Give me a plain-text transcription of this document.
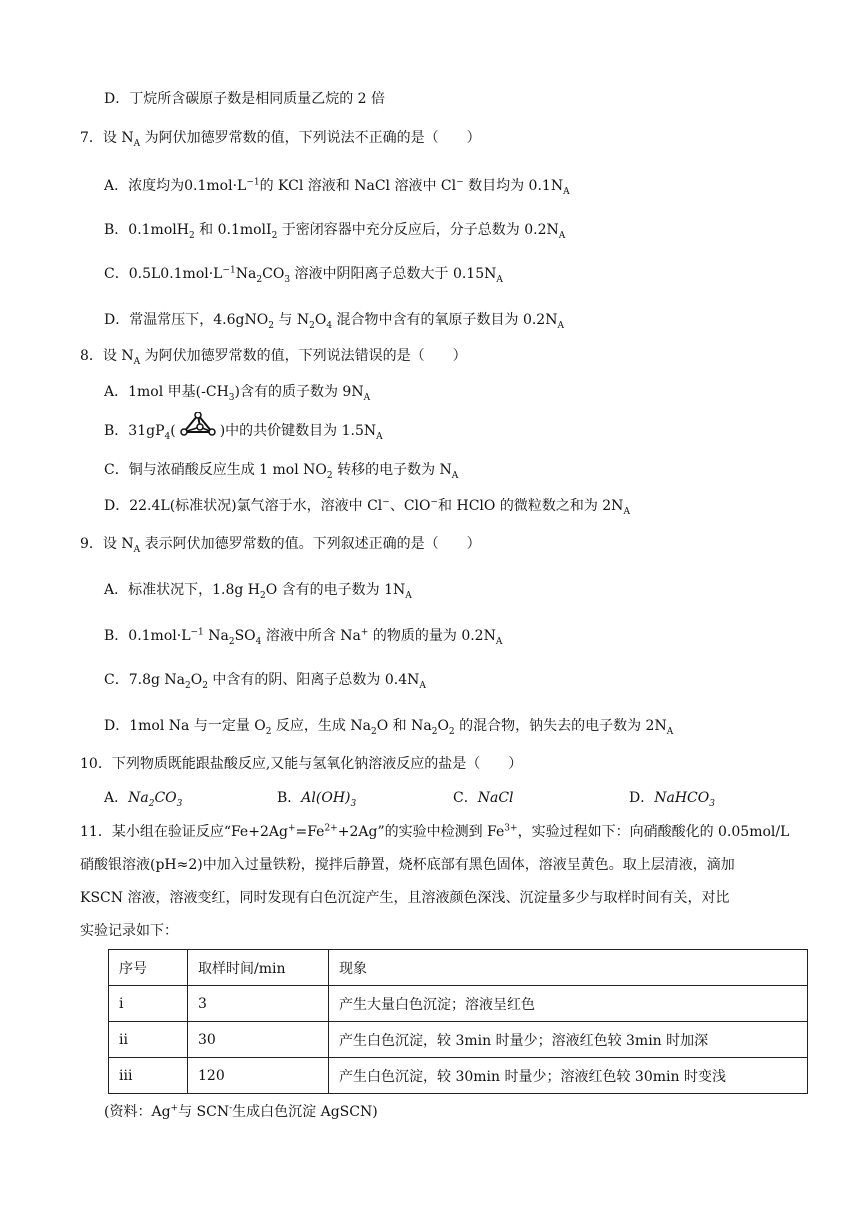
D．丁烷所含碳原子数是相同质量乙烷的 2 倍
7．设 $N_A$ 为阿伏加德罗常数的值，下列说法不正确的是（　　）
A．浓度均为$0.1mol\cdot L^{-1}$的 KCl 溶液和 NaCl 溶液中 Cl− 数目均为 $0.1N_A$
B．0.1molH$_2$ 和 0.1molI$_2$ 于密闭容器中充分反应后，分子总数为 $0.2N_A$
C．$0.5L0.1mol\cdot L^{-1}Na_2CO_3$ 溶液中阴阳离子总数大于 $0.15N_A$
D．常温常压下，4.6gNO$_2$ 与 $N_2O_4$ 混合物中含有的氧原子数目为 $0.2N_A$
8．设 $N_A$ 为阿伏加德罗常数的值，下列说法错误的是（　　）
A．1mol 甲基$(-CH_3)$含有的质子数为 $9N_A$
B．$31gP_4$(	)中的共价键数目为 $1.5N_A$
C．铜与浓硝酸反应生成 1 mol $NO_2$ 转移的电子数为 $N_A$
D．22.4L(标准状况)氯气溶于水，溶液中 Cl−、ClO−和 HClO 的微粒数之和为 $2N_A$
9．设 $N_A$ 表示阿伏加德罗常数的值。下列叙述正确的是（　　）
A．标准状况下，1.8g $H_2O$ 含有的电子数为 $1N_A$
B．$0.1mol\cdot L^{-1}$ $Na_2SO_4$ 溶液中所含 Na+ 的物质的量为 $0.2N_A$
C．7.8g $Na_2O_2$ 中含有的阴、阳离子总数为 $0.4N_A$
D．1mol Na 与一定量 $O_2$ 反应，生成 $Na_2O$ 和 $Na_2O_2$ 的混合物，钠失去的电子数为 $2N_A$
10．下列物质既能跟盐酸反应,又能与氢氧化钠溶液反应的盐是（　　）
A．$Na_2CO_3$	B．$Al(OH)_3$	C．NaCl	D．NaHCO$_3$
11．某小组在验证反应“$Fe+2Ag^+=Fe^{2+}+2Ag$”的实验中检测到 $Fe^{3+}$，实验过程如下：向硝酸酸化的 0.05mol/L
硝酸银溶液(pH≈2)中加入过量铁粉，搅拌后静置，烧杯底部有黑色固体，溶液呈黄色。取上层清液，滴加
KSCN 溶液，溶液变红，同时发现有白色沉淀产生，且溶液颜色深浅、沉淀量多少与取样时间有关，对比
实验记录如下：
序号	取样时间/min	现象
i	3	产生大量白色沉淀；溶液呈红色
ii	30	产生白色沉淀，较 3min 时量少；溶液红色较 3min 时加深
iii	120	产生白色沉淀，较 30min 时量少；溶液红色较 30min 时变浅
(资料：Ag+与 SCN-生成白色沉淀 AgSCN)
